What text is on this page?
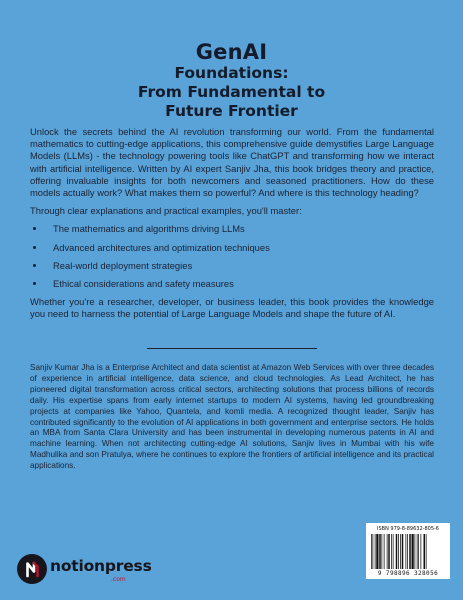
GenAI
Foundations:
From Fundamental to
Future Frontier

Unlock the secrets behind the AI revolution transforming our world. From the fundamental mathematics to cutting-edge applications, this comprehensive guide demystifies Large Language Models (LLMs) - the technology powering tools like ChatGPT and transforming how we interact with artificial intelligence. Written by AI expert Sanjiv Jha, this book bridges theory and practice, offering invaluable insights for both newcomers and seasoned practitioners. How do these models actually work? What makes them so powerful? And where is this technology heading?

Through clear explanations and practical examples, you'll master:

The mathematics and algorithms driving LLMs
Advanced architectures and optimization techniques
Real-world deployment strategies
Ethical considerations and safety measures

Whether you're a researcher, developer, or business leader, this book provides the knowledge you need to harness the potential of Large Language Models and shape the future of AI.

Sanjiv Kumar Jha is a Enterprise Architect and data scientist at Amazon Web Services with over three decades of experience in artificial intelligence, data science, and cloud technologies. As Lead Architect, he has pioneered digital transformation across critical sectors, architecting solutions that process billions of records daily. His expertise spans from early internet startups to modern AI systems, having led groundbreaking projects at companies like Yahoo, Quantela, and komli media. A recognized thought leader, Sanjiv has contributed significantly to the evolution of AI applications in both government and enterprise sectors. He holds an MBA from Santa Clara University and has been instrumental in developing numerous patents in AI and machine learning. When not architecting cutting-edge AI solutions, Sanjiv lives in Mumbai with his wife Madhulika and son Pratulya, where he continues to explore the frontiers of artificial intelligence and its practical applications.

ISBN 979-8-89632-805-6
9 798896 328056
notionpress
.com
